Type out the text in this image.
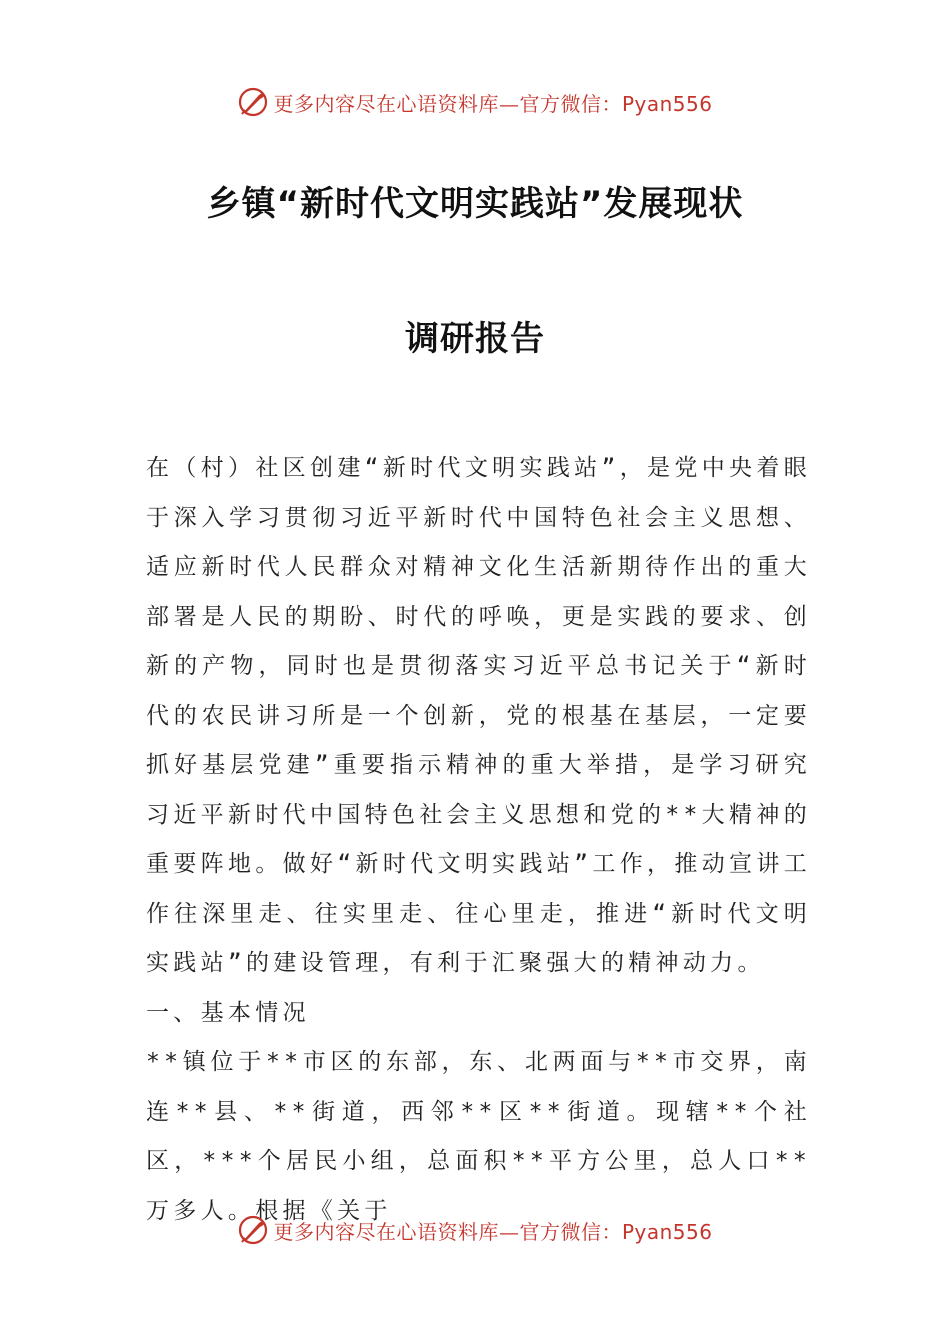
更多内容尽在心语资料库—官方微信：Pyan556
乡镇“新时代文明实践站”发展现状
调研报告

在（村）社区创建“新时代文明实践站”，是党中央着眼于深入学习贯彻习近平新时代中国特色社会主义思想、适应新时代人民群众对精神文化生活新期待作出的重大部署是人民的期盼、时代的呼唤，更是实践的要求、创新的产物，同时也是贯彻落实习近平总书记关于“新时代的农民讲习所是一个创新，党的根基在基层，一定要抓好基层党建”重要指示精神的重大举措，是学习研究习近平新时代中国特色社会主义思想和党的**大精神的重要阵地。做好“新时代文明实践站”工作，推动宣讲工作往深里走、往实里走、往心里走，推进“新时代文明实践站”的建设管理，有利于汇聚强大的精神动力。

一、基本情况

**镇位于**市区的东部，东、北两面与**市交界，南连**县、**街道，西邻**区**街道。现辖**个社区，***个居民小组，总面积**平方公里，总人口**万多人。根据《关于

更多内容尽在心语资料库—官方微信：Pyan556
